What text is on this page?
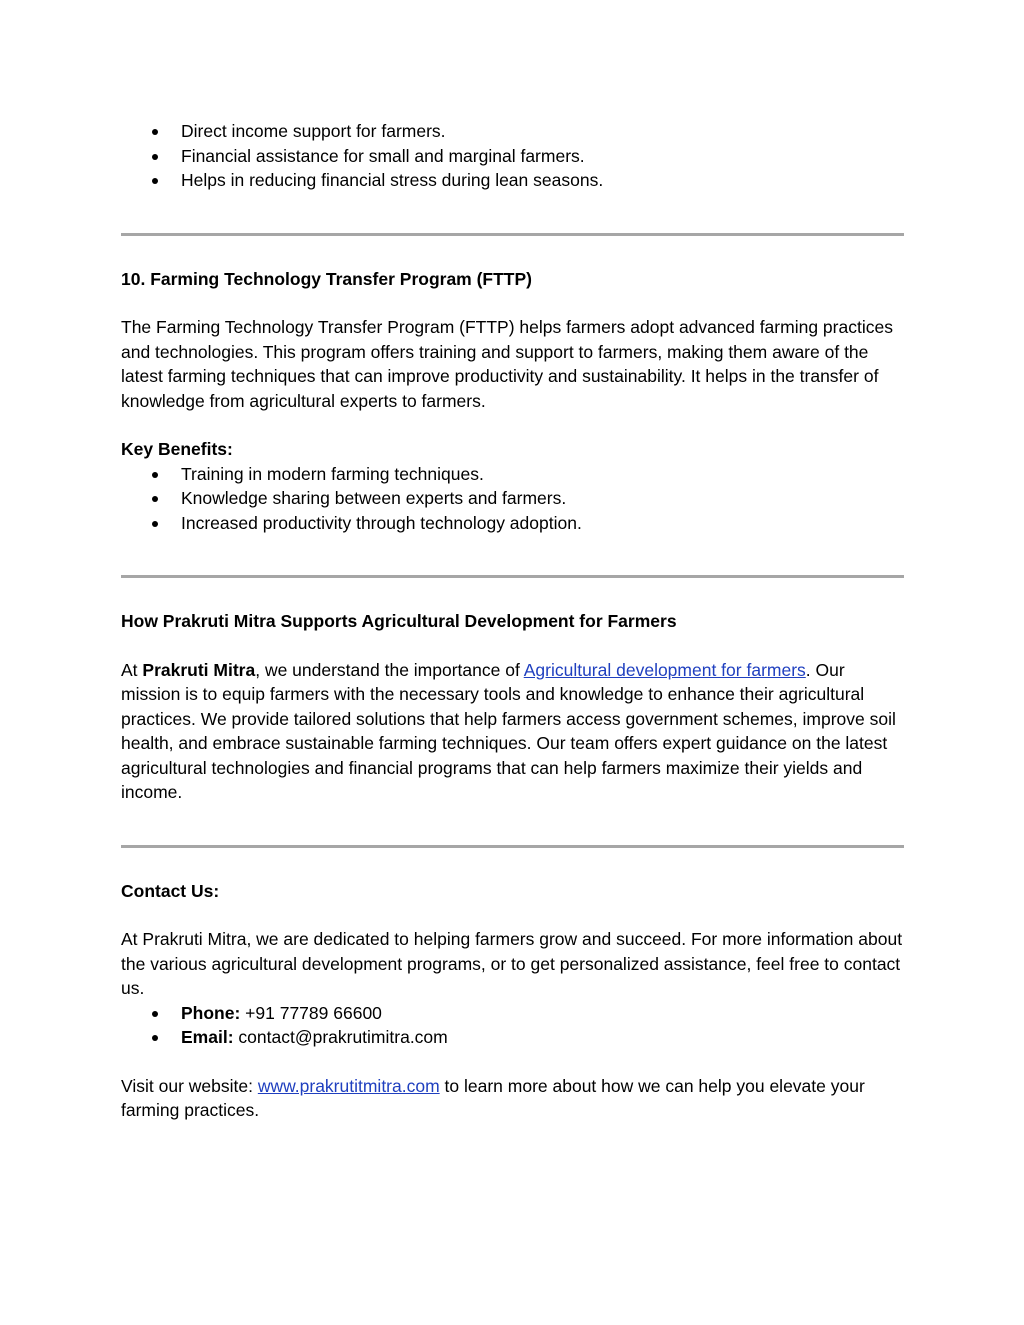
Direct income support for farmers.
Financial assistance for small and marginal farmers.
Helps in reducing financial stress during lean seasons.

10. Farming Technology Transfer Program (FTTP)

The Farming Technology Transfer Program (FTTP) helps farmers adopt advanced farming practices and technologies. This program offers training and support to farmers, making them aware of the latest farming techniques that can improve productivity and sustainability. It helps in the transfer of knowledge from agricultural experts to farmers.

Key Benefits:

Training in modern farming techniques.
Knowledge sharing between experts and farmers.
Increased productivity through technology adoption.

How Prakruti Mitra Supports Agricultural Development for Farmers

At Prakruti Mitra, we understand the importance of Agricultural development for farmers. Our mission is to equip farmers with the necessary tools and knowledge to enhance their agricultural practices. We provide tailored solutions that help farmers access government schemes, improve soil health, and embrace sustainable farming techniques. Our team offers expert guidance on the latest agricultural technologies and financial programs that can help farmers maximize their yields and income.

Contact Us:

At Prakruti Mitra, we are dedicated to helping farmers grow and succeed. For more information about the various agricultural development programs, or to get personalized assistance, feel free to contact us.

Phone: +91 77789 66600
Email: contact@prakrutimitra.com

Visit our website: www.prakrutitmitra.com to learn more about how we can help you elevate your farming practices.
